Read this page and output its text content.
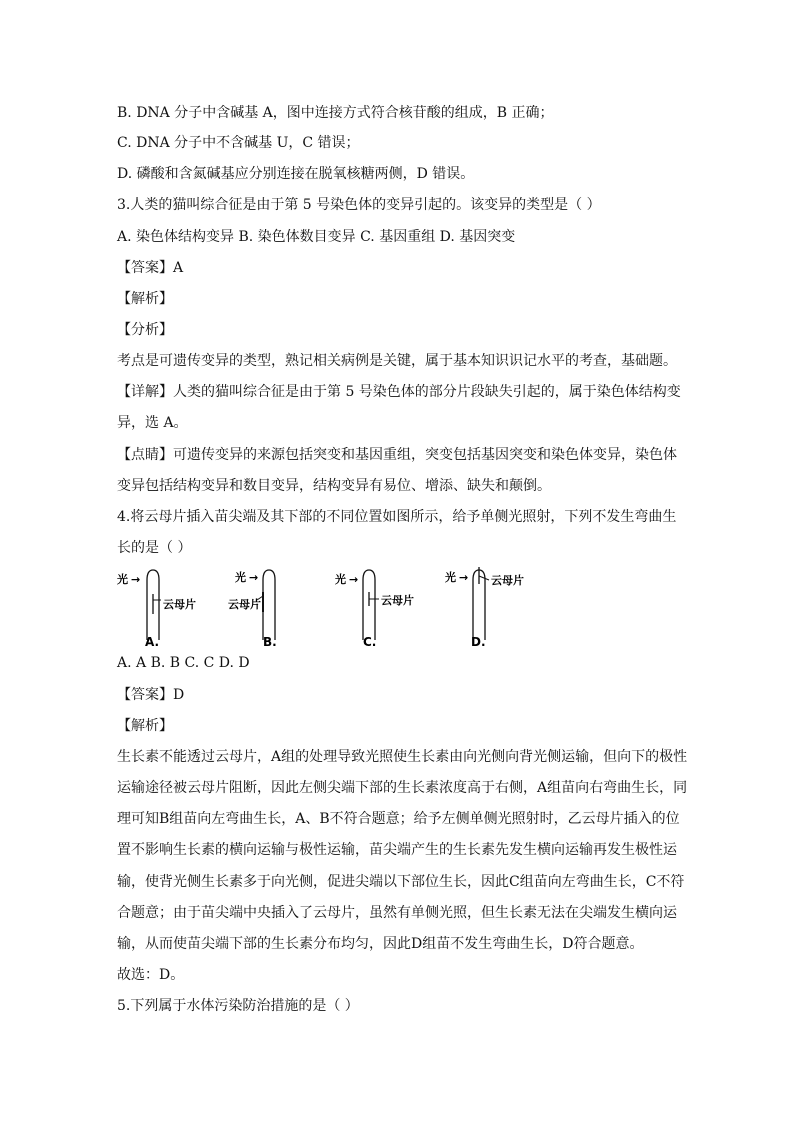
B. DNA 分子中含碱基 A，图中连接方式符合核苷酸的组成，B 正确；
C. DNA 分子中不含碱基 U，C 错误；
D. 磷酸和含氮碱基应分别连接在脱氧核糖两侧，D 错误。
3.人类的猫叫综合征是由于第 5 号染色体的变异引起的。该变异的类型是（ ）
A. 染色体结构变异 B. 染色体数目变异 C. 基因重组 D. 基因突变
【答案】A
【解析】
【分析】
考点是可遗传变异的类型，熟记相关病例是关键，属于基本知识识记水平的考查，基础题。
【详解】人类的猫叫综合征是由于第 5 号染色体的部分片段缺失引起的，属于染色体结构变
异，选 A。
【点睛】可遗传变异的来源包括突变和基因重组，突变包括基因突变和染色体变异，染色体
变异包括结构变异和数目变异，结构变异有易位、增添、缺失和颠倒。
4.将云母片插入苗尖端及其下部的不同位置如图所示，给予单侧光照射，下列不发生弯曲生
长的是（ ）
光 →
云母片
A.
光 →
云母片
B.
光 →
云母片
C.
光 → 云母片
D.
A. A B. B C. C D. D
【答案】D
【解析】
生长素不能透过云母片，A组的处理导致光照使生长素由向光侧向背光侧运输，但向下的极性
运输途径被云母片阻断，因此左侧尖端下部的生长素浓度高于右侧，A组苗向右弯曲生长，同
理可知B组苗向左弯曲生长，A、B不符合题意；给予左侧单侧光照射时，乙云母片插入的位
置不影响生长素的横向运输与极性运输，苗尖端产生的生长素先发生横向运输再发生极性运
输，使背光侧生长素多于向光侧，促进尖端以下部位生长，因此C组苗向左弯曲生长，C不符
合题意；由于苗尖端中央插入了云母片，虽然有单侧光照，但生长素无法在尖端发生横向运
输，从而使苗尖端下部的生长素分布均匀，因此D组苗不发生弯曲生长，D符合题意。
故选：D。
5.下列属于水体污染防治措施的是（ ）
